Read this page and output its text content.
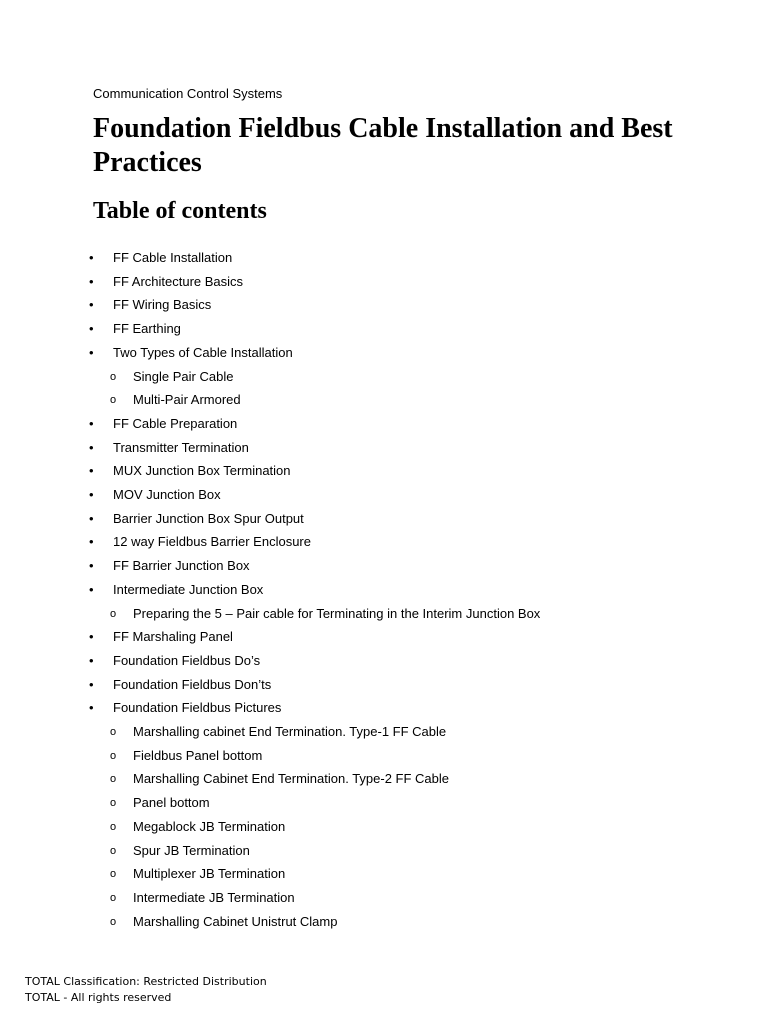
Communication Control Systems
Foundation Fieldbus Cable Installation and Best Practices
Table of contents
• FF Cable Installation
• FF Architecture Basics
• FF Wiring Basics
• FF Earthing
• Two Types of Cable Installation
o Single Pair Cable
o Multi-Pair Armored
• FF Cable Preparation
• Transmitter Termination
• MUX Junction Box Termination
• MOV Junction Box
• Barrier Junction Box Spur Output
• 12 way Fieldbus Barrier Enclosure
• FF Barrier Junction Box
• Intermediate Junction Box
o Preparing the 5 – Pair cable for Terminating in the Interim Junction Box
• FF Marshaling Panel
• Foundation Fieldbus Do’s
• Foundation Fieldbus Don’ts
• Foundation Fieldbus Pictures
o Marshalling cabinet End Termination. Type-1 FF Cable
o Fieldbus Panel bottom
o Marshalling Cabinet End Termination. Type-2 FF Cable
o Panel bottom
o Megablock JB Termination
o Spur JB Termination
o Multiplexer JB Termination
o Intermediate JB Termination
o Marshalling Cabinet Unistrut Clamp
TOTAL Classification: Restricted Distribution
TOTAL - All rights reserved
